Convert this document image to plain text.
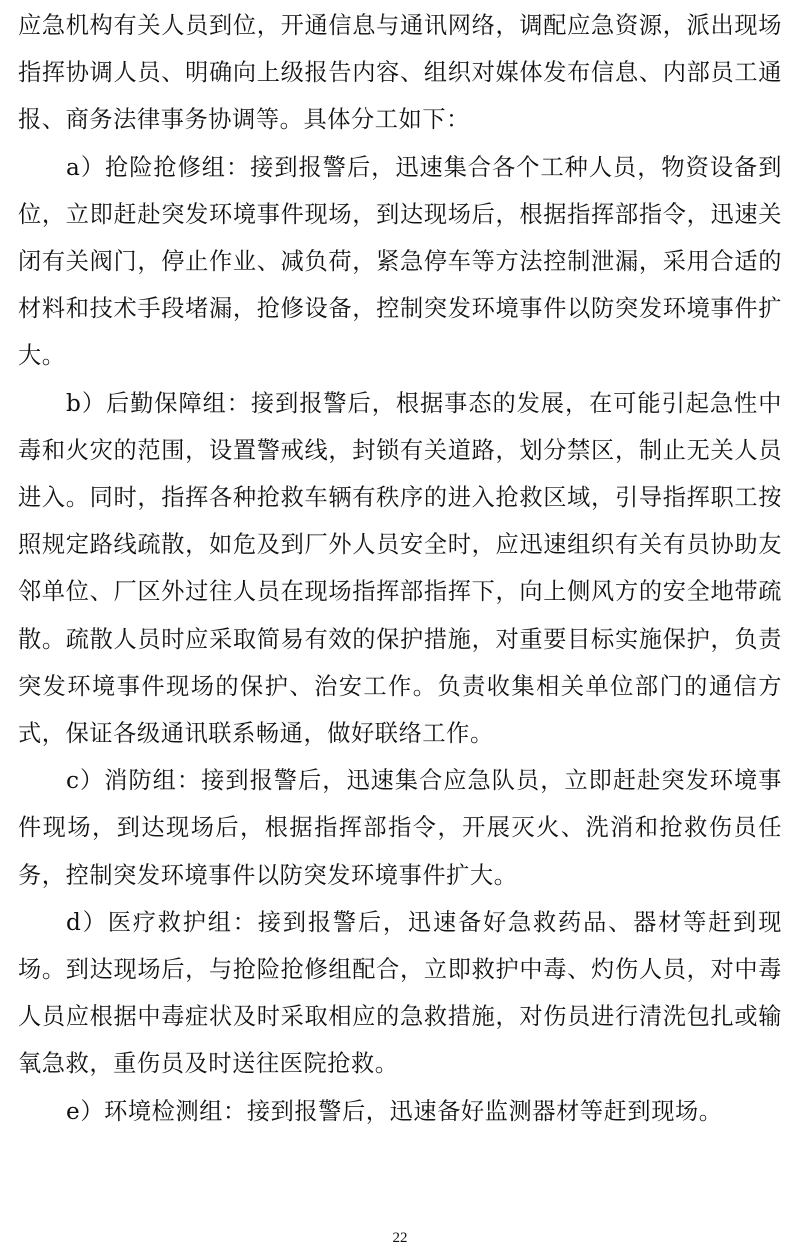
应急机构有关人员到位，开通信息与通讯网络，调配应急资源，派出现场指挥协调人员、明确向上级报告内容、组织对媒体发布信息、内部员工通报、商务法律事务协调等。具体分工如下：

a）抢险抢修组：接到报警后，迅速集合各个工种人员，物资设备到位，立即赶赴突发环境事件现场，到达现场后，根据指挥部指令，迅速关闭有关阀门，停止作业、减负荷，紧急停车等方法控制泄漏，采用合适的材料和技术手段堵漏，抢修设备，控制突发环境事件以防突发环境事件扩大。

b）后勤保障组：接到报警后，根据事态的发展，在可能引起急性中毒和火灾的范围，设置警戒线，封锁有关道路，划分禁区，制止无关人员进入。同时，指挥各种抢救车辆有秩序的进入抢救区域，引导指挥职工按照规定路线疏散，如危及到厂外人员安全时，应迅速组织有关有员协助友邻单位、厂区外过往人员在现场指挥部指挥下，向上侧风方的安全地带疏散。疏散人员时应采取简易有效的保护措施，对重要目标实施保护，负责突发环境事件现场的保护、治安工作。负责收集相关单位部门的通信方式，保证各级通讯联系畅通，做好联络工作。

c）消防组：接到报警后，迅速集合应急队员，立即赶赴突发环境事件现场，到达现场后，根据指挥部指令，开展灭火、洗消和抢救伤员任务，控制突发环境事件以防突发环境事件扩大。

d）医疗救护组：接到报警后，迅速备好急救药品、器材等赶到现场。到达现场后，与抢险抢修组配合，立即救护中毒、灼伤人员，对中毒人员应根据中毒症状及时采取相应的急救措施，对伤员进行清洗包扎或输氧急救，重伤员及时送往医院抢救。

e）环境检测组：接到报警后，迅速备好监测器材等赶到现场。

22
